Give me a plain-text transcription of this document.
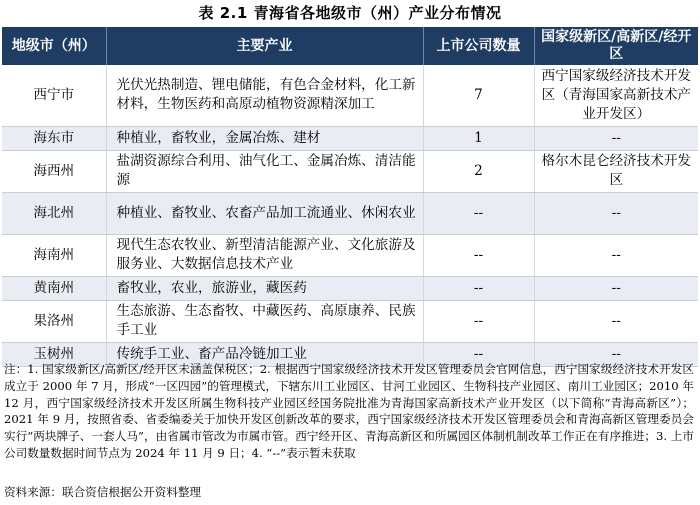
表 2.1 青海省各地级市（州）产业分布情况
地级市（州）	主要产业	上市公司数量	国家级新区/高新区/经开区
西宁市	光伏光热制造、锂电储能，有色合金材料，化工新材料，生物医药和高原动植物资源精深加工	7	西宁国家级经济技术开发区（青海国家高新技术产业开发区）
海东市	种植业，畜牧业，金属冶炼、建材	1	--
海西州	盐湖资源综合利用、油气化工、金属冶炼、清洁能源	2	格尔木昆仑经济技术开发区
海北州	种植业、畜牧业、农畜产品加工流通业、休闲农业	--	--
海南州	现代生态农牧业、新型清洁能源产业、文化旅游及服务业、大数据信息技术产业	--	--
黄南州	畜牧业，农业，旅游业，藏医药	--	--
果洛州	生态旅游、生态畜牧、中藏医药、高原康养、民族手工业	--	--
玉树州	传统手工业、畜产品冷链加工业	--	--
注：1. 国家级新区/高新区/经开区未涵盖保税区；2. 根据西宁国家级经济技术开发区管理委员会官网信息，西宁国家级经济技术开发区成立于 2000 年 7 月，形成“一区四园”的管理模式，下辖东川工业园区、甘河工业园区、生物科技产业园区、南川工业园区；2010 年 12 月，西宁国家级经济技术开发区所属生物科技产业园区经国务院批准为青海国家高新技术产业开发区（以下简称“青海高新区”）；2021 年 9 月，按照省委、省委编委关于加快开发区创新改革的要求，西宁国家级经济技术开发区管理委员会和青海高新区管理委员会实行“两块牌子、一套人马”，由省属市管改为市属市管。西宁经开区、青海高新区和所属园区体制机制改革工作正在有序推进；3. 上市公司数量数据时间节点为 2024 年 11 月 9 日；4. “--”表示暂未获取
资料来源：联合资信根据公开资料整理
